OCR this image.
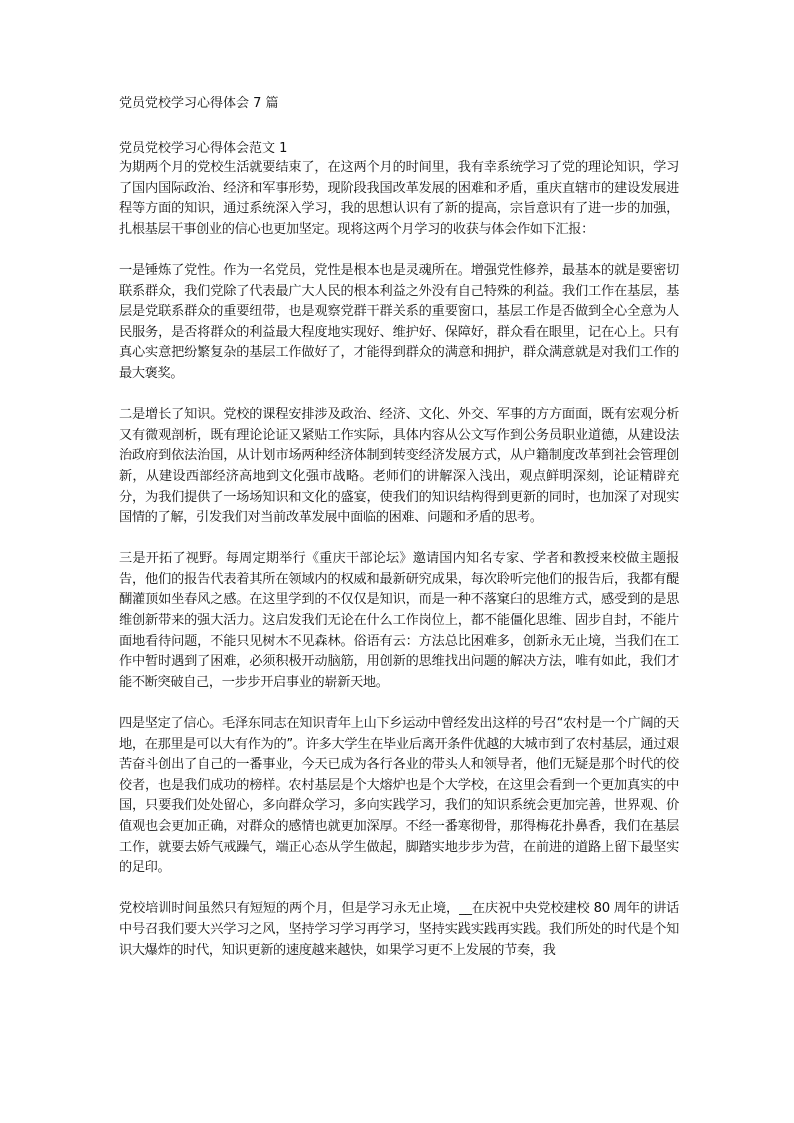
党员党校学习心得体会 7 篇
党员党校学习心得体会范文 1

为期两个月的党校生活就要结束了，在这两个月的时间里，我有幸系统学习了党的理论知识，学习了国内国际政治、经济和军事形势，现阶段我国改革发展的困难和矛盾，重庆直辖市的建设发展进程等方面的知识，通过系统深入学习，我的思想认识有了新的提高，宗旨意识有了进一步的加强，扎根基层干事创业的信心也更加坚定。现将这两个月学习的收获与体会作如下汇报：

一是锤炼了党性。作为一名党员，党性是根本也是灵魂所在。增强党性修养，最基本的就是要密切联系群众，我们党除了代表最广大人民的根本利益之外没有自己特殊的利益。我们工作在基层，基层是党联系群众的重要纽带，也是观察党群干群关系的重要窗口，基层工作是否做到全心全意为人民服务，是否将群众的利益最大程度地实现好、维护好、保障好，群众看在眼里，记在心上。只有真心实意把纷繁复杂的基层工作做好了，才能得到群众的满意和拥护，群众满意就是对我们工作的最大褒奖。

二是增长了知识。党校的课程安排涉及政治、经济、文化、外交、军事的方方面面，既有宏观分析又有微观剖析，既有理论论证又紧贴工作实际，具体内容从公文写作到公务员职业道德，从建设法治政府到依法治国，从计划市场两种经济体制到转变经济发展方式，从户籍制度改革到社会管理创新，从建设西部经济高地到文化强市战略。老师们的讲解深入浅出，观点鲜明深刻，论证精辟充分，为我们提供了一场场知识和文化的盛宴，使我们的知识结构得到更新的同时，也加深了对现实国情的了解，引发我们对当前改革发展中面临的困难、问题和矛盾的思考。

三是开拓了视野。每周定期举行《重庆干部论坛》邀请国内知名专家、学者和教授来校做主题报告，他们的报告代表着其所在领域内的权威和最新研究成果，每次聆听完他们的报告后，我都有醍醐灌顶如坐春风之感。在这里学到的不仅仅是知识，而是一种不落窠臼的思维方式，感受到的是思维创新带来的强大活力。这启发我们无论在什么工作岗位上，都不能僵化思维、固步自封，不能片面地看待问题，不能只见树木不见森林。俗语有云：方法总比困难多，创新永无止境，当我们在工作中暂时遇到了困难，必须积极开动脑筋，用创新的思维找出问题的解决方法，唯有如此，我们才能不断突破自己，一步步开启事业的崭新天地。

四是坚定了信心。毛泽东同志在知识青年上山下乡运动中曾经发出这样的号召“农村是一个广阔的天地，在那里是可以大有作为的”。许多大学生在毕业后离开条件优越的大城市到了农村基层，通过艰苦奋斗创出了自己的一番事业，今天已成为各行各业的带头人和领导者，他们无疑是那个时代的佼佼者，也是我们成功的榜样。农村基层是个大熔炉也是个大学校，在这里会看到一个更加真实的中国，只要我们处处留心，多向群众学习，多向实践学习，我们的知识系统会更加完善，世界观、价值观也会更加正确，对群众的感情也就更加深厚。不经一番寒彻骨，那得梅花扑鼻香，我们在基层工作，就要去娇气戒躁气，端正心态从学生做起，脚踏实地步步为营，在前进的道路上留下最坚实的足印。

党校培训时间虽然只有短短的两个月，但是学习永无止境，__在庆祝中央党校建校 80 周年的讲话中号召我们要大兴学习之风，坚持学习学习再学习，坚持实践实践再实践。我们所处的时代是个知识大爆炸的时代，知识更新的速度越来越快，如果学习更不上发展的节奏，我
